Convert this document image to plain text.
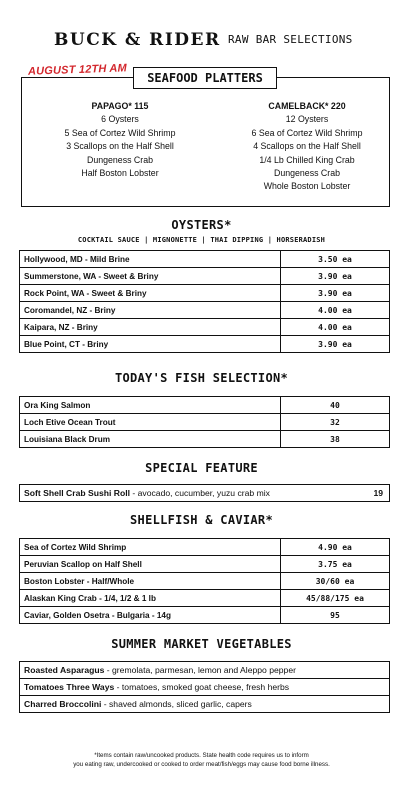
BUCK & RIDER RAW BAR SELECTIONS
AUGUST 12TH AM
SEAFOOD PLATTERS
PAPAGO* 115
6 Oysters
5 Sea of Cortez Wild Shrimp
3 Scallops on the Half Shell
Dungeness Crab
Half Boston Lobster
CAMELBACK* 220
12 Oysters
6 Sea of Cortez Wild Shrimp
4 Scallops on the Half Shell
1/4 Lb Chilled King Crab
Dungeness Crab
Whole Boston Lobster
OYSTERS*
COCKTAIL SAUCE | MIGNONETTE | THAI DIPPING | HORSERADISH
Hollywood, MD - Mild Brine	3.50 ea
Summerstone, WA - Sweet & Briny	3.90 ea
Rock Point, WA - Sweet & Briny	3.90 ea
Coromandel, NZ - Briny	4.00 ea
Kaipara, NZ - Briny	4.00 ea
Blue Point, CT - Briny	3.90 ea
TODAY'S FISH SELECTION*
Ora King Salmon	40
Loch Etive Ocean Trout	32
Louisiana Black Drum	38
SPECIAL FEATURE
Soft Shell Crab Sushi Roll - avocado, cucumber, yuzu crab mix	19
SHELLFISH & CAVIAR*
Sea of Cortez Wild Shrimp	4.90 ea
Peruvian Scallop on Half Shell	3.75 ea
Boston Lobster - Half/Whole	30/60 ea
Alaskan King Crab - 1/4, 1/2 & 1 lb	45/88/175 ea
Caviar, Golden Osetra - Bulgaria - 14g	95
SUMMER MARKET VEGETABLES
Roasted Asparagus - gremolata, parmesan, lemon and Aleppo pepper
Tomatoes Three Ways - tomatoes, smoked goat cheese, fresh herbs
Charred Broccolini - shaved almonds, sliced garlic, capers
*Items contain raw/uncooked products. State health code requires us to inform
you eating raw, undercooked or cooked to order meat/fish/eggs may cause food borne illness.
